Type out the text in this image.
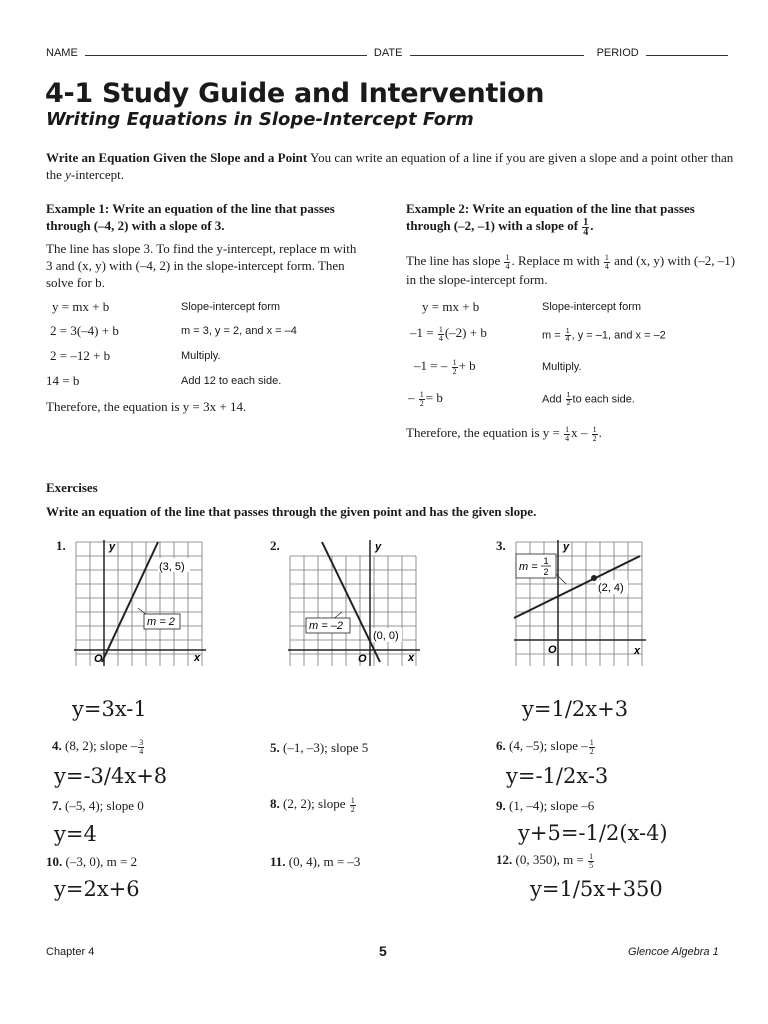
NAME	DATE	PERIOD
4-1 Study Guide and Intervention
Writing Equations in Slope-Intercept Form
Write an Equation Given the Slope and a Point You can write an equation of a line if you are given a slope and a point other than the y-intercept.
Example 1: Write an equation of the line that passes through (–4, 2) with a slope of 3.
The line has slope 3. To find the y-intercept, replace m with 3 and (x, y) with (–4, 2) in the slope-intercept form. Then solve for b.
y = mx + b	Slope-intercept form
2 = 3(–4) + b	m = 3, y = 2, and x = –4
2 = –12 + b	Multiply.
14 = b	Add 12 to each side.
Therefore, the equation is y = 3x + 14.
Example 2: Write an equation of the line that passes through (–2, –1) with a slope of $\frac{1}{4}$ .
The line has slope $\frac{1}{4}$ . Replace m with $\frac{1}{4}$ and (x, y) with (–2, –1) in the slope-intercept form.
y = mx + b	Slope-intercept form
$-1 = \frac{1}{4} (-2) + b$	$m = \frac{1}{4}$ , y = –1, and x = –2
–1 = – $\frac{1}{2} + b$	Multiply.
– $\frac{1}{2} = b$	Add $\frac{1}{2}$ to each side.
Therefore, the equation is $y = \frac{1}{4}$ x – $\frac{1}{2}$ .
Exercises
Write an equation of the line that passes through the given point and has the given slope.
1.	y
x
O
(3, 5)
m = 2
2.	y
x
O
(0, 0)
m = –2
3.	y
x
O
(2, 4)
m = 1
2
y=3x-1	y=1/2x+3
4. (8, 2); slope – $\frac{3}{4}$
y=-3/4x+8
5. (–1, –3); slope 5	6. (4, –5); slope – $\frac{1}{2}$
y=-1/2x-3
7. (–5, 4); slope 0
y=4
8. (2, 2); slope $\frac{1}{2}$	9. (1, –4); slope –6
y+5=-1/2(x-4)
10. (–3, 0), m = 2
y=2x+6
11. (0, 4), m = –3	12. (0, 350), $m = \frac{1}{5}$
y=1/5x+350
Chapter 4	5	Glencoe Algebra 1
